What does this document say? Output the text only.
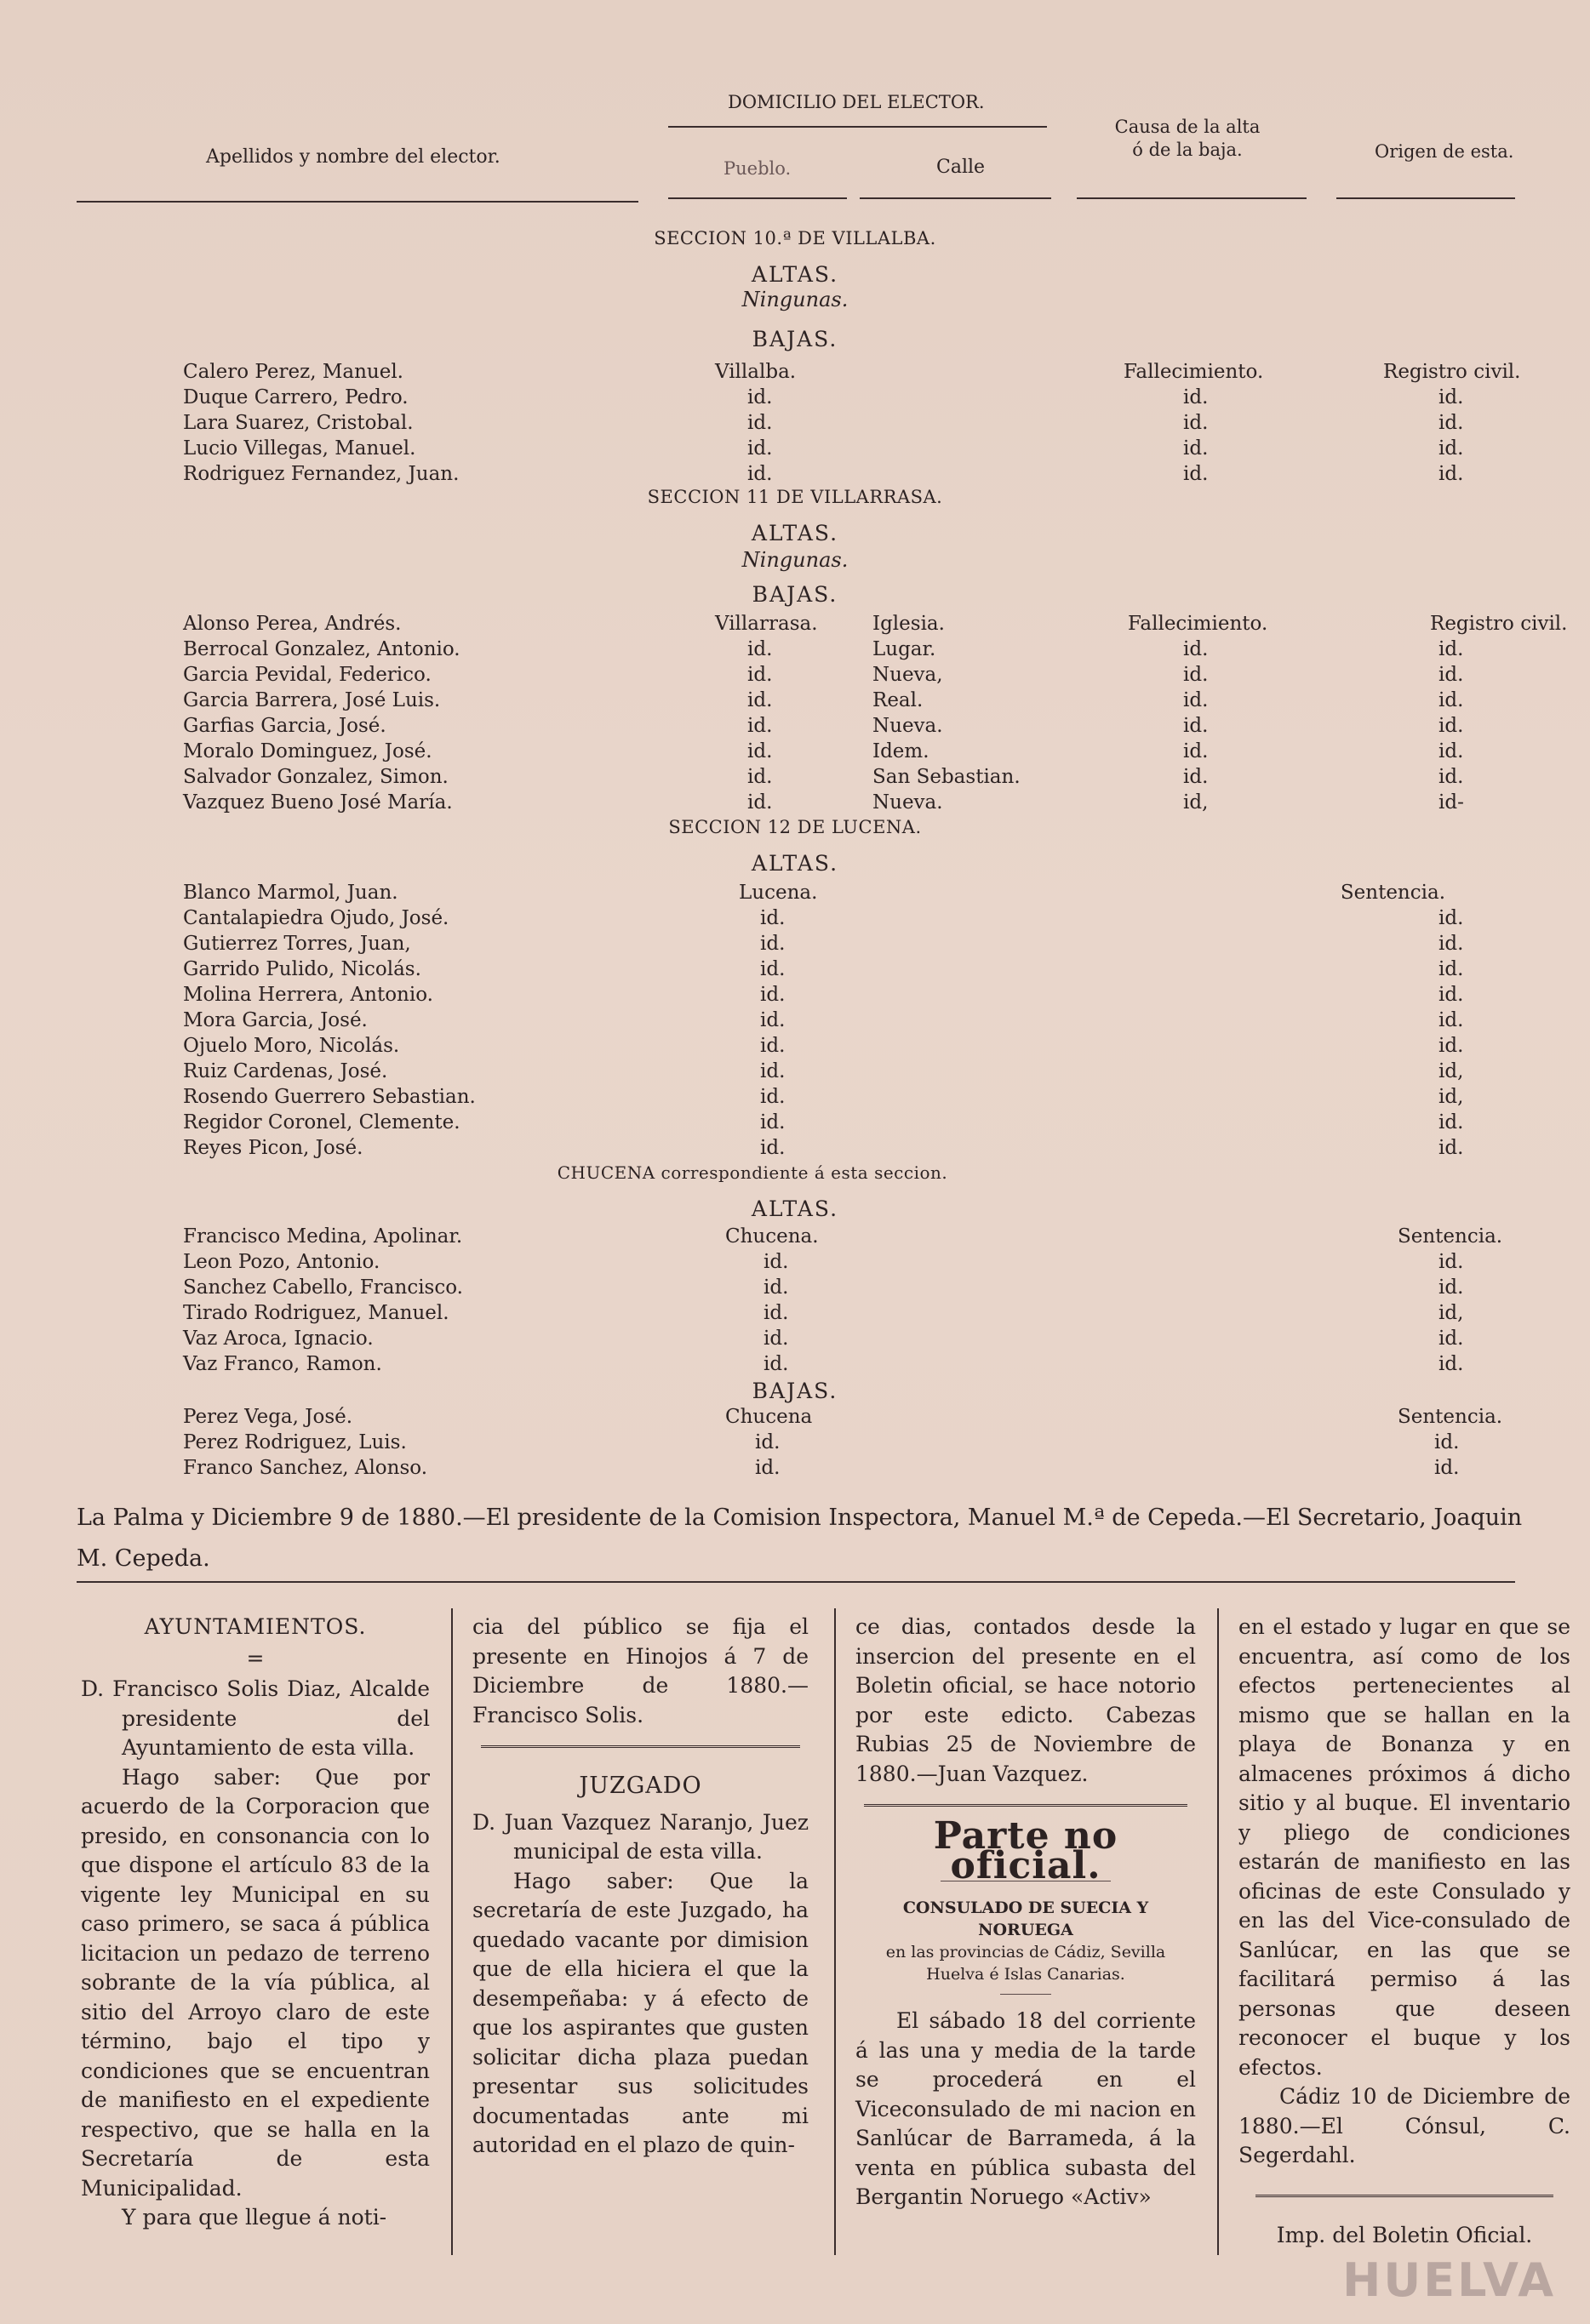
DOMICILIO DEL ELECTOR.
Apellidos y nombre del elector.
Pueblo.	Calle
Causa de la alta ó de la baja.	Origen de esta.
SECCION 10.ª DE VILLALBA.
ALTAS.
Ningunas.
BAJAS.
Calero Perez, Manuel.	Villalba.	Fallecimiento.	Registro civil.
Duque Carrero, Pedro.	id.	id.	id.
Lara Suarez, Cristobal.	id.	id.	id.
Lucio Villegas, Manuel.	id.	id.	id.
Rodriguez Fernandez, Juan.	id.	id.	id.
SECCION 11 DE VILLARRASA.
ALTAS.
Ningunas.
BAJAS.
Alonso Perea, Andrés.	Villarrasa.	Iglesia.	Fallecimiento.	Registro civil.
Berrocal Gonzalez, Antonio.	id.	Lugar.	id.	id.
Garcia Pevidal, Federico.	id.	Nueva,	id.	id.
Garcia Barrera, José Luis.	id.	Real.	id.	id.
Garfias Garcia, José.	id.	Nueva.	id.	id.
Moralo Dominguez, José.	id.	Idem.	id.	id.
Salvador Gonzalez, Simon.	id.	San Sebastian.	id.	id.
Vazquez Bueno José María.	id.	Nueva.	id,	id-
SECCION 12 DE LUCENA.
ALTAS.
Blanco Marmol, Juan.	Lucena.	Sentencia.
Cantalapiedra Ojudo, José.	id.	id.
Gutierrez Torres, Juan,	id.	id.
Garrido Pulido, Nicolás.	id.	id.
Molina Herrera, Antonio.	id.	id.
Mora Garcia, José.	id.	id.
Ojuelo Moro, Nicolás.	id.	id.
Ruiz Cardenas, José.	id.	id,
Rosendo Guerrero Sebastian.	id.	id,
Regidor Coronel, Clemente.	id.	id.
Reyes Picon, José.	id.	id.
CHUCENA correspondiente á esta seccion.
ALTAS.
Francisco Medina, Apolinar.	Chucena.	Sentencia.
Leon Pozo, Antonio.	id.	id.
Sanchez Cabello, Francisco.	id.	id.
Tirado Rodriguez, Manuel.	id.	id,
Vaz Aroca, Ignacio.	id.	id.
Vaz Franco, Ramon.	id.	id.
BAJAS.
Perez Vega, José.	Chucena	Sentencia.
Perez Rodriguez, Luis.	id.	id.
Franco Sanchez, Alonso.	id.	id.
La Palma y Diciembre 9 de 1880.—El presidente de la Comision Inspectora, Manuel M.ª de Cepeda.—El Secretario, Joaquin M. Cepeda.

AYUNTAMIENTOS.

=

D. Francisco Solis Diaz, Alcalde presidente del Ayuntamiento de esta villa.

Hago saber: Que por acuerdo de la Corporacion que presido, en consonancia con lo que dispone el artículo 83 de la vigente ley Municipal en su caso primero, se saca á pública licitacion un pedazo de terreno sobrante de la vía pública, al sitio del Arroyo claro de este término, bajo el tipo y condiciones que se encuentran de manifiesto en el expediente respectivo, que se halla en la Secretaría de esta Municipalidad.

Y para que llegue á noti-

cia del público se fija el presente en Hinojos á 7 de Diciembre de 1880.—Francisco Solis.

JUZGADO

D. Juan Vazquez Naranjo, Juez municipal de esta villa.

Hago saber: Que la secretaría de este Juzgado, ha quedado vacante por dimision que de ella hiciera el que la desempeñaba: y á efecto de que los aspirantes que gusten solicitar dicha plaza puedan presentar sus solicitudes documentadas ante mi autoridad en el plazo de quin-

ce dias, contados desde la insercion del presente en el Boletin oficial, se hace notorio por este edicto. Cabezas Rubias 25 de Noviembre de 1880.—Juan Vazquez.

Parte no oficial.

CONSULADO DE SUECIA Y NORUEGA

en las provincias de Cádiz, Sevilla Huelva é Islas Canarias.

El sábado 18 del corriente á las una y media de la tarde se procederá en el Viceconsulado de mi nacion en Sanlúcar de Barrameda, á la venta en pública subasta del Bergantin Noruego «Activ»

en el estado y lugar en que se encuentra, así como de los efectos pertenecientes al mismo que se hallan en la playa de Bonanza y en almacenes próximos á dicho sitio y al buque. El inventario y pliego de condiciones estarán de manifiesto en las oficinas de este Consulado y en las del Vice-consulado de Sanlúcar, en las que se facilitará permiso á las personas que deseen reconocer el buque y los efectos.

Cádiz 10 de Diciembre de 1880.—El Cónsul, C. Segerdahl.

Imp. del Boletin Oficial.

HUELVA
